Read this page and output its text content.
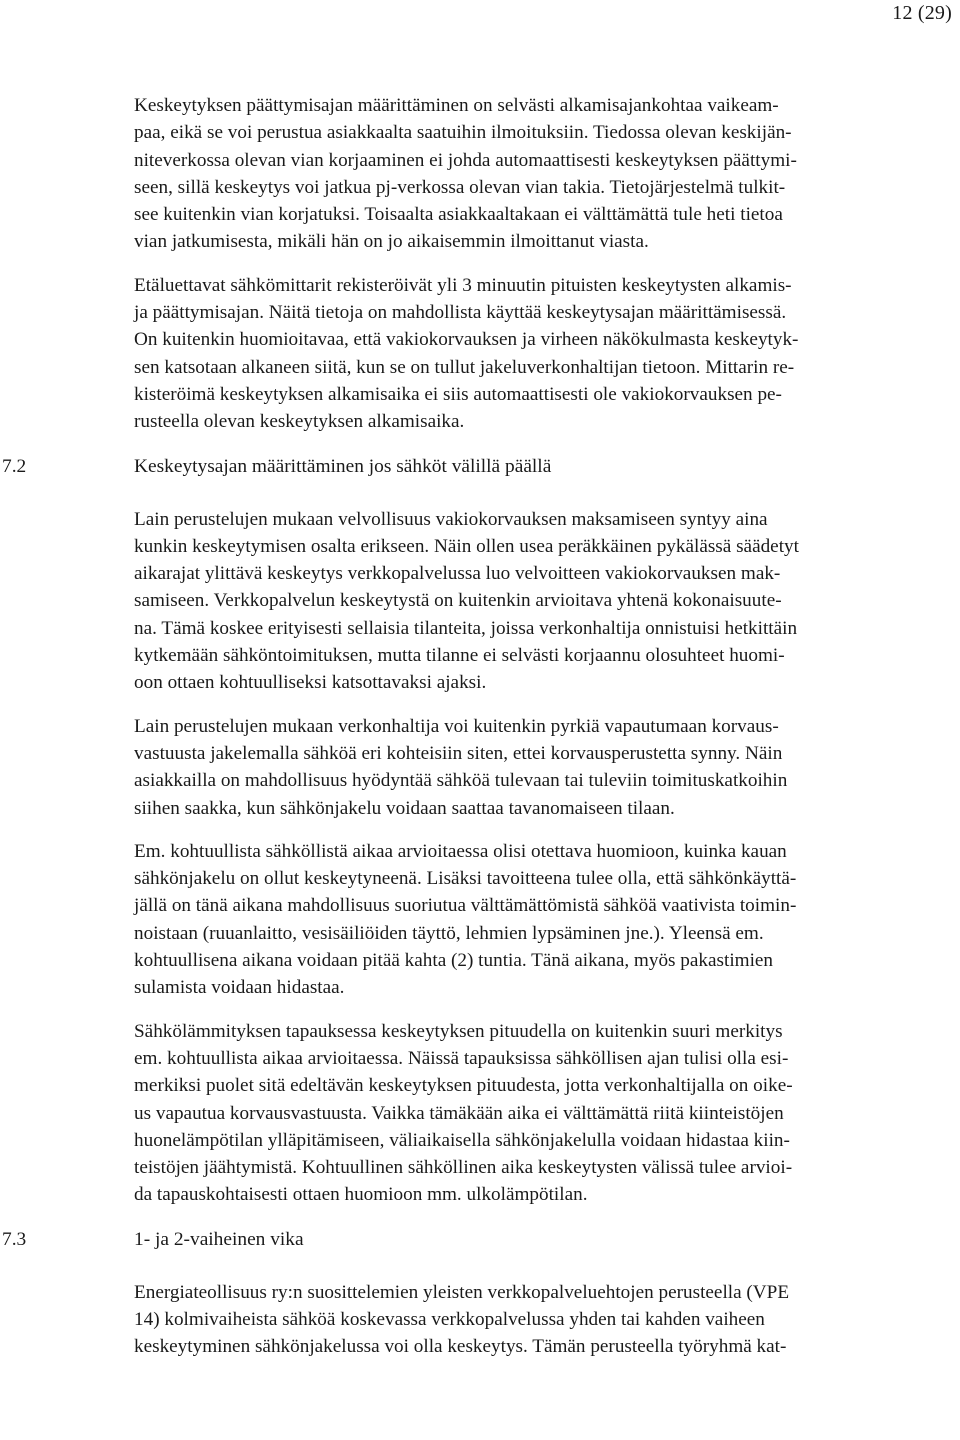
12 (29)

Keskeytyksen päättymisajan määrittäminen on selvästi alkamisajankohtaa vaikeam-
paa, eikä se voi perustua asiakkaalta saatuihin ilmoituksiin. Tiedossa olevan keskijän-
niteverkossa olevan vian korjaaminen ei johda automaattisesti keskeytyksen päättymi-
seen, sillä keskeytys voi jatkua pj-verkossa olevan vian takia. Tietojärjestelmä tulkit-
see kuitenkin vian korjatuksi. Toisaalta asiakkaaltakaan ei välttämättä tule heti tietoa
vian jatkumisesta, mikäli hän on jo aikaisemmin ilmoittanut viasta.

Etäluettavat sähkömittarit rekisteröivät yli 3 minuutin pituisten keskeytysten alkamis-
ja päättymisajan. Näitä tietoja on mahdollista käyttää keskeytysajan määrittämisessä.
On kuitenkin huomioitavaa, että vakiokorvauksen ja virheen näkökulmasta keskeytyk-
sen katsotaan alkaneen siitä, kun se on tullut jakeluverkonhaltijan tietoon. Mittarin re-
kisteröimä keskeytyksen alkamisaika ei siis automaattisesti ole vakiokorvauksen pe-
rusteella olevan keskeytyksen alkamisaika.

7.2	Keskeytysajan määrittäminen jos sähköt välillä päällä

Lain perustelujen mukaan velvollisuus vakiokorvauksen maksamiseen syntyy aina
kunkin keskeytymisen osalta erikseen. Näin ollen usea peräkkäinen pykälässä säädetyt
aikarajat ylittävä keskeytys verkkopalvelussa luo velvoitteen vakiokorvauksen mak-
samiseen. Verkkopalvelun keskeytystä on kuitenkin arvioitava yhtenä kokonaisuute-
na. Tämä koskee erityisesti sellaisia tilanteita, joissa verkonhaltija onnistuisi hetkittäin
kytkemään sähköntoimituksen, mutta tilanne ei selvästi korjaannu olosuhteet huomi-
oon ottaen kohtuulliseksi katsottavaksi ajaksi.

Lain perustelujen mukaan verkonhaltija voi kuitenkin pyrkiä vapautumaan korvaus-
vastuusta jakelemalla sähköä eri kohteisiin siten, ettei korvausperustetta synny. Näin
asiakkailla on mahdollisuus hyödyntää sähköä tulevaan tai tuleviin toimituskatkoihin
siihen saakka, kun sähkönjakelu voidaan saattaa tavanomaiseen tilaan.

Em. kohtuullista sähköllistä aikaa arvioitaessa olisi otettava huomioon, kuinka kauan
sähkönjakelu on ollut keskeytyneenä. Lisäksi tavoitteena tulee olla, että sähkönkäyttä-
jällä on tänä aikana mahdollisuus suoriutua välttämättömistä sähköä vaativista toimin-
noistaan (ruuanlaitto, vesisäiliöiden täyttö, lehmien lypsäminen jne.). Yleensä em.
kohtuullisena aikana voidaan pitää kahta (2) tuntia. Tänä aikana, myös pakastimien
sulamista voidaan hidastaa.

Sähkölämmityksen tapauksessa keskeytyksen pituudella on kuitenkin suuri merkitys
em. kohtuullista aikaa arvioitaessa. Näissä tapauksissa sähköllisen ajan tulisi olla esi-
merkiksi puolet sitä edeltävän keskeytyksen pituudesta, jotta verkonhaltijalla on oike-
us vapautua korvausvastuusta. Vaikka tämäkään aika ei välttämättä riitä kiinteistöjen
huonelämpötilan ylläpitämiseen, väliaikaisella sähkönjakelulla voidaan hidastaa kiin-
teistöjen jäähtymistä. Kohtuullinen sähköllinen aika keskeytysten välissä tulee arvioi-
da tapauskohtaisesti ottaen huomioon mm. ulkolämpötilan.

7.3	1- ja 2-vaiheinen vika

Energiateollisuus ry:n suosittelemien yleisten verkkopalveluehtojen perusteella (VPE
14) kolmivaiheista sähköä koskevassa verkkopalvelussa yhden tai kahden vaiheen
keskeytyminen sähkönjakelussa voi olla keskeytys. Tämän perusteella työryhmä kat-
